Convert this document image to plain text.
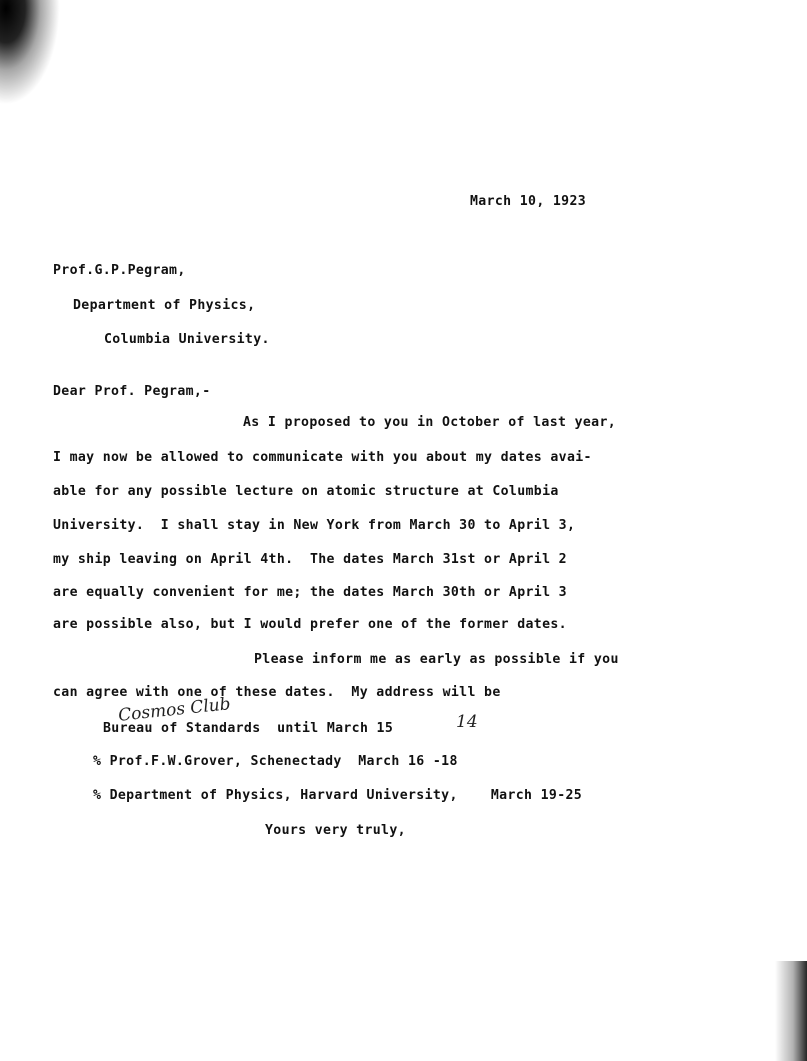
March 10, 1923
Prof.G.P.Pegram,
Department of Physics,
Columbia University.
Dear Prof. Pegram,-
As I proposed to you in October of last year,
I may now be allowed to communicate with you about my dates avai-
able for any possible lecture on atomic structure at Columbia
University.  I shall stay in New York from March 30 to April 3,
my ship leaving on April 4th.  The dates March 31st or April 2
are equally convenient for me; the dates March 30th or April 3
are possible also, but I would prefer one of the former dates.
Please inform me as early as possible if you
can agree with one of these dates.  My address will be
Cosmos Club
Bureau of Standards  until March 15	14
% Prof.F.W.Grover, Schenectady  March 16 -18
% Department of Physics, Harvard University,    March 19-25
Yours very truly,
